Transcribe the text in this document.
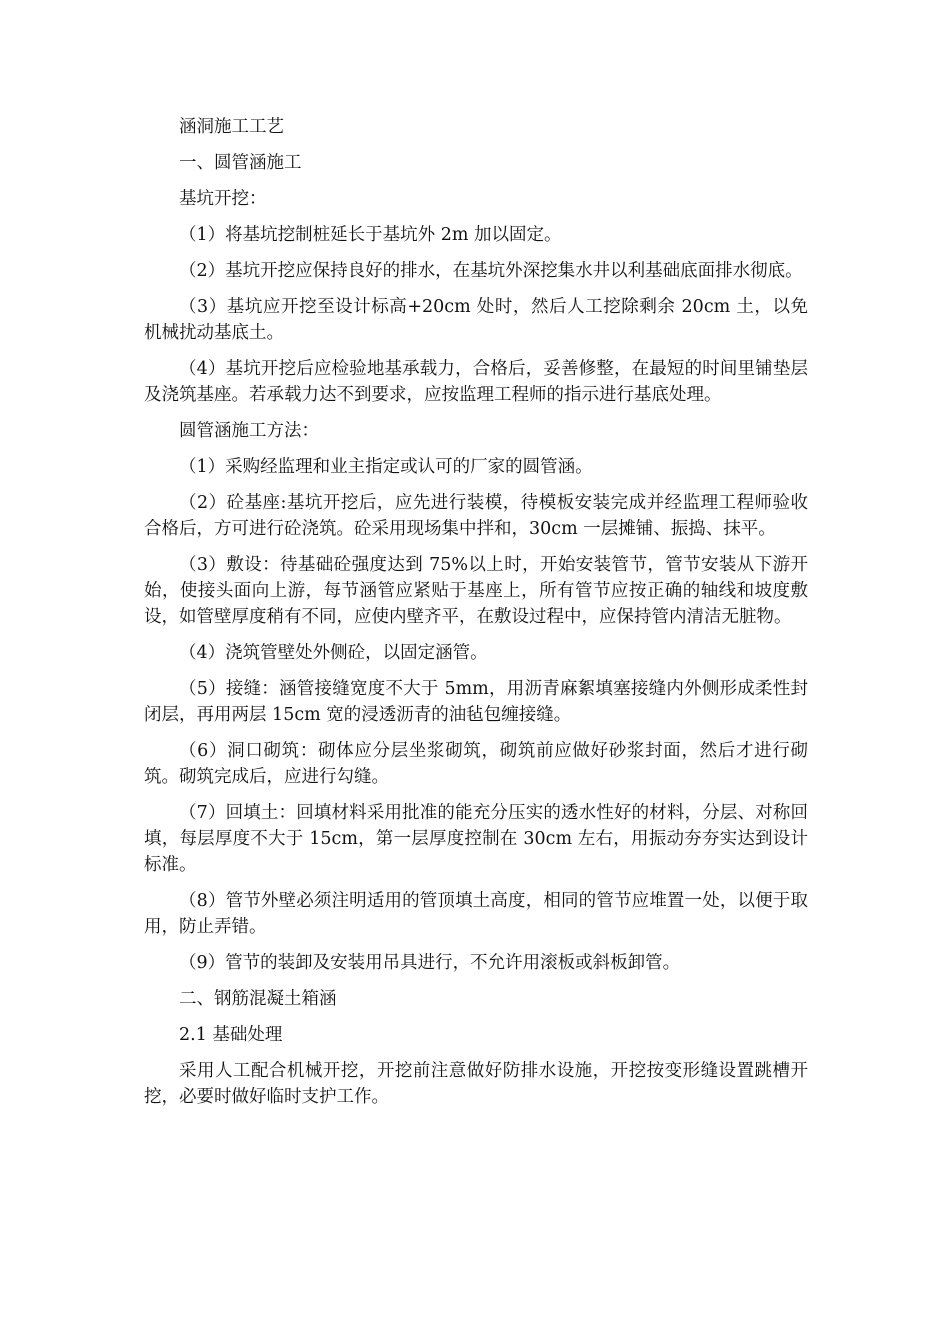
涵洞施工工艺

一、圆管涵施工

基坑开挖：

（1）将基坑挖制桩延长于基坑外 2m 加以固定。

（2）基坑开挖应保持良好的排水，在基坑外深挖集水井以利基础底面排水彻底。

（3）基坑应开挖至设计标高+20cm 处时，然后人工挖除剩余 20cm 土，以免机械扰动基底土。

（4）基坑开挖后应检验地基承载力，合格后，妥善修整，在最短的时间里铺垫层及浇筑基座。若承载力达不到要求，应按监理工程师的指示进行基底处理。

圆管涵施工方法：

（1）采购经监理和业主指定或认可的厂家的圆管涵。

（2）砼基座:基坑开挖后，应先进行装模，待模板安装完成并经监理工程师验收合格后，方可进行砼浇筑。砼采用现场集中拌和，30cm 一层摊铺、振捣、抹平。

（3）敷设：待基础砼强度达到 75%以上时，开始安装管节，管节安装从下游开始，使接头面向上游，每节涵管应紧贴于基座上，所有管节应按正确的轴线和坡度敷设，如管壁厚度稍有不同，应使内壁齐平，在敷设过程中，应保持管内清洁无脏物。

（4）浇筑管壁处外侧砼，以固定涵管。

（5）接缝：涵管接缝宽度不大于 5mm，用沥青麻絮填塞接缝内外侧形成柔性封闭层，再用两层 15cm 宽的浸透沥青的油毡包缠接缝。

（6）洞口砌筑：砌体应分层坐浆砌筑，砌筑前应做好砂浆封面，然后才进行砌筑。砌筑完成后，应进行勾缝。

（7）回填土：回填材料采用批准的能充分压实的透水性好的材料，分层、对称回填，每层厚度不大于 15cm，第一层厚度控制在 30cm 左右，用振动夯夯实达到设计标准。

（8）管节外壁必须注明适用的管顶填土高度，相同的管节应堆置一处，以便于取用，防止弄错。

（9）管节的装卸及安装用吊具进行，不允许用滚板或斜板卸管。

二、钢筋混凝土箱涵

2.1 基础处理

采用人工配合机械开挖，开挖前注意做好防排水设施，开挖按变形缝设置跳槽开挖，必要时做好临时支护工作。
